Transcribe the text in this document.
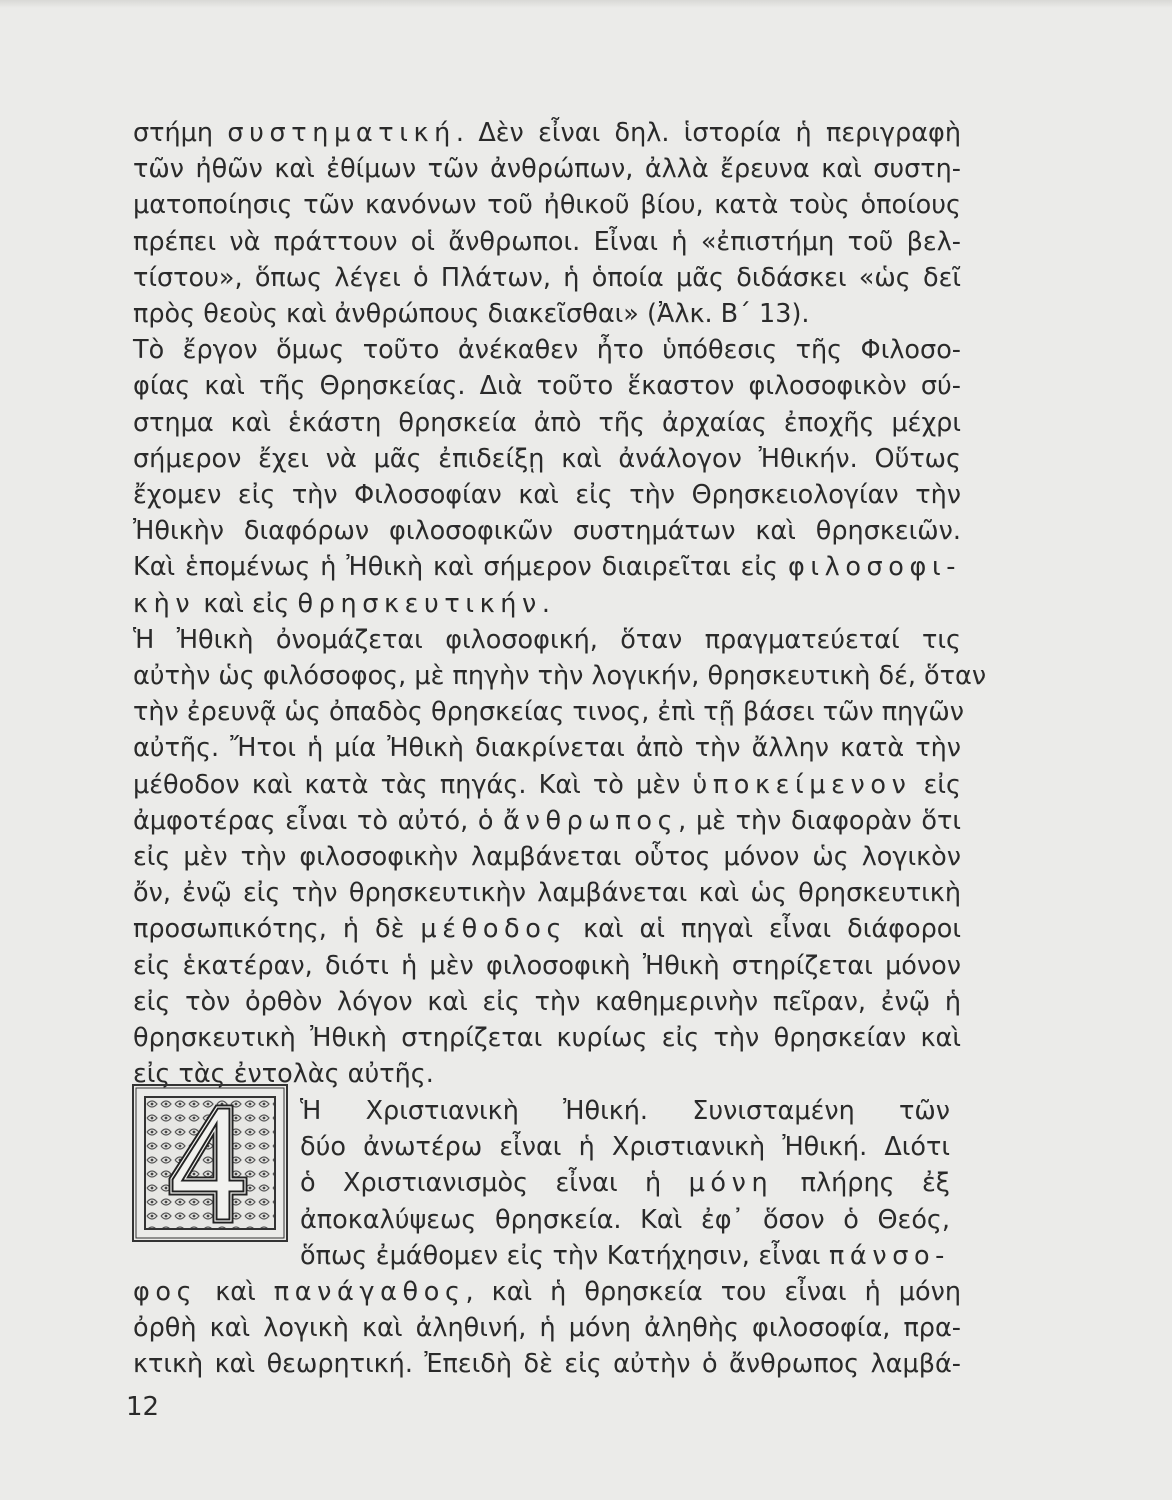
στήμη συστηματική. Δὲν εἶναι δηλ. ἱστορία ἡ περιγραφὴ
τῶν ἠθῶν καὶ ἐθίμων τῶν ἀνθρώπων, ἀλλὰ ἔρευνα καὶ συστη-
ματοποίησις τῶν κανόνων τοῦ ἠθικοῦ βίου, κατὰ τοὺς ὁποίους
πρέπει νὰ πράττουν οἱ ἄνθρωποι. Εἶναι ἡ «ἐπιστήμη τοῦ βελ-
τίστου», ὅπως λέγει ὁ Πλάτων, ἡ ὁποία μᾶς διδάσκει «ὡς δεῖ
πρὸς θεοὺς καὶ ἀνθρώπους διακεῖσθαι» (Ἀλκ. Β΄ 13).
Τὸ ἔργον ὅμως τοῦτο ἀνέκαθεν ἦτο ὑπόθεσις τῆς Φιλοσο-
φίας καὶ τῆς Θρησκείας. Διὰ τοῦτο ἕκαστον φιλοσοφικὸν σύ-
στημα καὶ ἑκάστη θρησκεία ἀπὸ τῆς ἀρχαίας ἐποχῆς μέχρι
σήμερον ἔχει νὰ μᾶς ἐπιδείξῃ καὶ ἀνάλογον Ἠθικήν. Οὕτως
ἔχομεν εἰς τὴν Φιλοσοφίαν καὶ εἰς τὴν Θρησκειολογίαν τὴν
Ἠθικὴν διαφόρων φιλοσοφικῶν συστημάτων καὶ θρησκειῶν.
Καὶ ἑπομένως ἡ Ἠθικὴ καὶ σήμερον διαιρεῖται εἰς φιλοσοφι-
κὴν καὶ εἰς θρησκευτικήν.
Ἡ Ἠθικὴ ὀνομάζεται φιλοσοφική, ὅταν πραγματεύεταί τις
αὐτὴν ὡς φιλόσοφος, μὲ πηγὴν τὴν λογικήν, θρησκευτικὴ δέ, ὅταν
τὴν ἐρευνᾷ ὡς ὀπαδὸς θρησκείας τινος, ἐπὶ τῇ βάσει τῶν πηγῶν
αὐτῆς. Ἤτοι ἡ μία Ἠθικὴ διακρίνεται ἀπὸ τὴν ἄλλην κατὰ τὴν
μέθοδον καὶ κατὰ τὰς πηγάς. Καὶ τὸ μὲν ὑποκείμενον εἰς
ἀμφοτέρας εἶναι τὸ αὐτό, ὁ ἄνθρωπος, μὲ τὴν διαφορὰν ὅτι
εἰς μὲν τὴν φιλοσοφικὴν λαμβάνεται οὗτος μόνον ὡς λογικὸν
ὄν, ἐνῷ εἰς τὴν θρησκευτικὴν λαμβάνεται καὶ ὡς θρησκευτικὴ
προσωπικότης, ἡ δὲ μέθοδος καὶ αἱ πηγαὶ εἶναι διάφοροι
εἰς ἑκατέραν, διότι ἡ μὲν φιλοσοφικὴ Ἠθικὴ στηρίζεται μόνον
εἰς τὸν ὀρθὸν λόγον καὶ εἰς τὴν καθημερινὴν πεῖραν, ἐνῷ ἡ
θρησκευτικὴ Ἠθικὴ στηρίζεται κυρίως εἰς τὴν θρησκείαν καὶ
εἰς τὰς ἐντολὰς αὐτῆς.
Ἡ Χριστιανικὴ Ἠθική. Συνισταμένη τῶν
δύο ἀνωτέρω εἶναι ἡ Χριστιανικὴ Ἠθική. Διότι
ὁ Χριστιανισμὸς εἶναι ἡ μόνη πλήρης ἐξ
ἀποκαλύψεως θρησκεία. Καὶ ἐφ᾽ ὅσον ὁ Θεός,
ὅπως ἐμάθομεν εἰς τὴν Κατήχησιν, εἶναι πάνσο-
φος καὶ πανάγαθος, καὶ ἡ θρησκεία του εἶναι ἡ μόνη
ὀρθὴ καὶ λογικὴ καὶ ἀληθινή, ἡ μόνη ἀληθὴς φιλοσοφία, πρα-
κτικὴ καὶ θεωρητική. Ἐπειδὴ δὲ εἰς αὐτὴν ὁ ἄνθρωπος λαμβά-
4
12
